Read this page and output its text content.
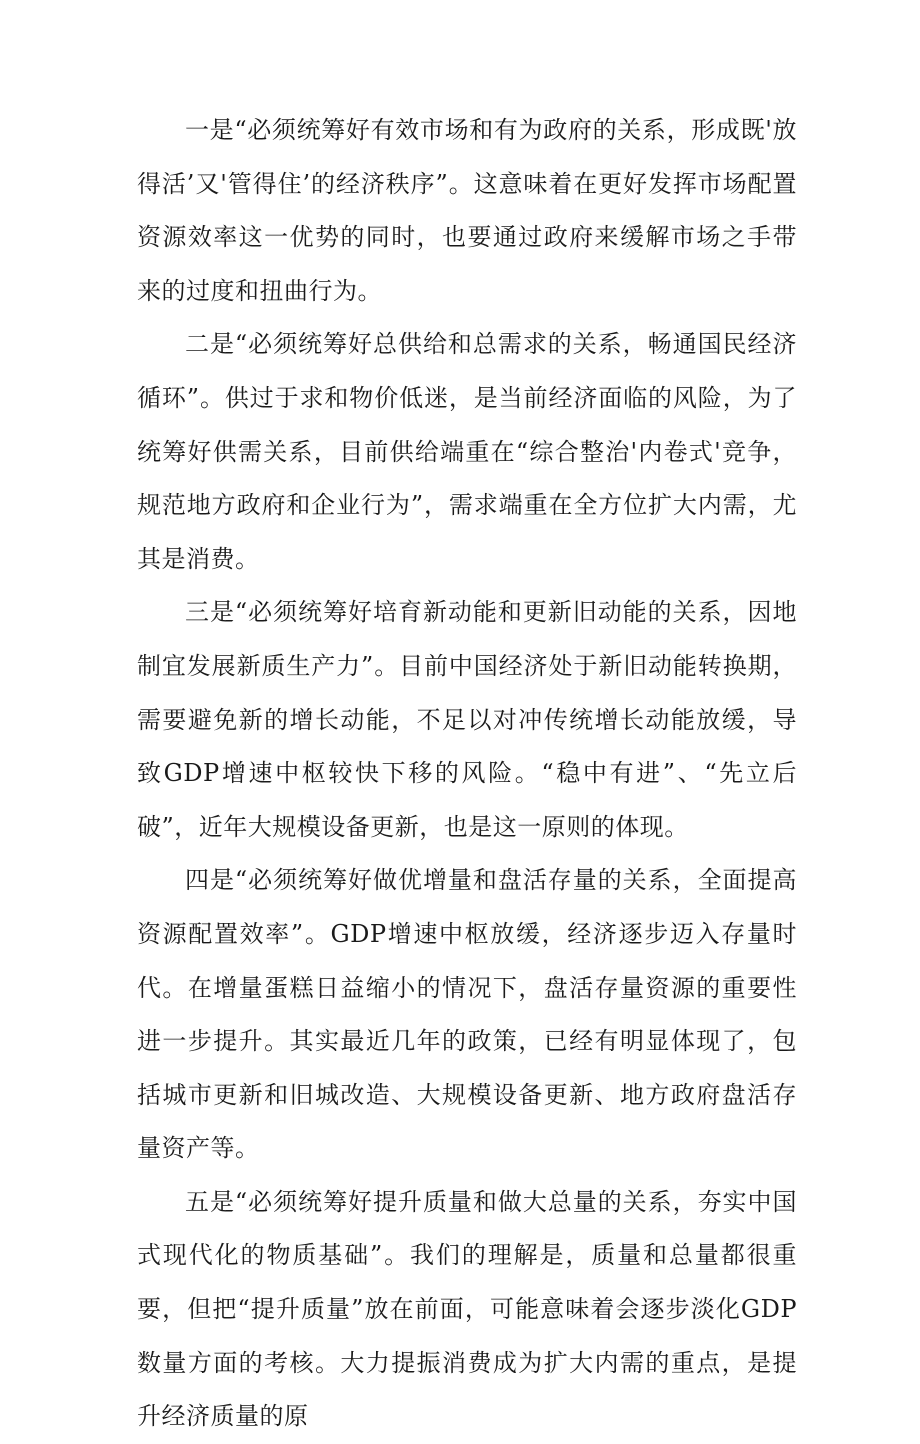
一是“必须统筹好有效市场和有为政府的关系，形成既'放得活’又'管得住’的经济秩序”。这意味着在更好发挥市场配置资源效率这一优势的同时，也要通过政府来缓解市场之手带来的过度和扭曲行为。

二是“必须统筹好总供给和总需求的关系，畅通国民经济循环”。供过于求和物价低迷，是当前经济面临的风险，为了统筹好供需关系，目前供给端重在“综合整治'内卷式'竞争，规范地方政府和企业行为”，需求端重在全方位扩大内需，尤其是消费。

三是“必须统筹好培育新动能和更新旧动能的关系，因地制宜发展新质生产力”。目前中国经济处于新旧动能转换期，需要避免新的增长动能，不足以对冲传统增长动能放缓，导致GDP增速中枢较快下移的风险。“稳中有进”、“先立后破”，近年大规模设备更新，也是这一原则的体现。

四是“必须统筹好做优增量和盘活存量的关系，全面提高资源配置效率”。GDP增速中枢放缓，经济逐步迈入存量时代。在增量蛋糕日益缩小的情况下，盘活存量资源的重要性进一步提升。其实最近几年的政策，已经有明显体现了，包括城市更新和旧城改造、大规模设备更新、地方政府盘活存量资产等。

五是“必须统筹好提升质量和做大总量的关系，夯实中国式现代化的物质基础”。我们的理解是，质量和总量都很重要，但把“提升质量”放在前面，可能意味着会逐步淡化GDP数量方面的考核。大力提振消费成为扩大内需的重点，是提升经济质量的原
